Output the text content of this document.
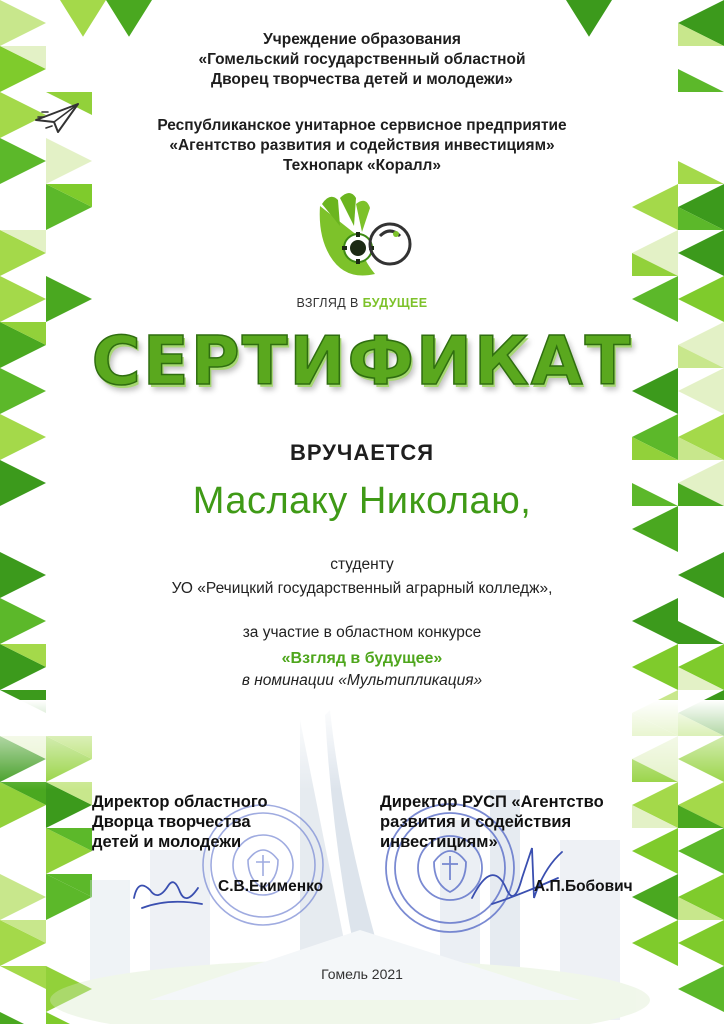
Учреждение образования
«Гомельский государственный областной
Дворец творчества детей и молодежи»
Республиканское унитарное сервисное предприятие
«Агентство развития и содействия инвестициям»
Технопарк «Коралл»
ВЗГЛЯД В БУДУЩЕЕ
СЕРТИФИКАТ
ВРУЧАЕТСЯ
Маслаку Николаю,
студенту
УО «Речицкий государственный аграрный колледж»,
за участие в областном конкурсе
«Взгляд в будущее»
в номинации «Мультипликация»
Директор областного
Дворца творчества
детей и молодежи
С.В.Екименко
Директор РУСП «Агентство
развития и содействия
инвестициям»
А.П.Бобович
Гомель 2021
